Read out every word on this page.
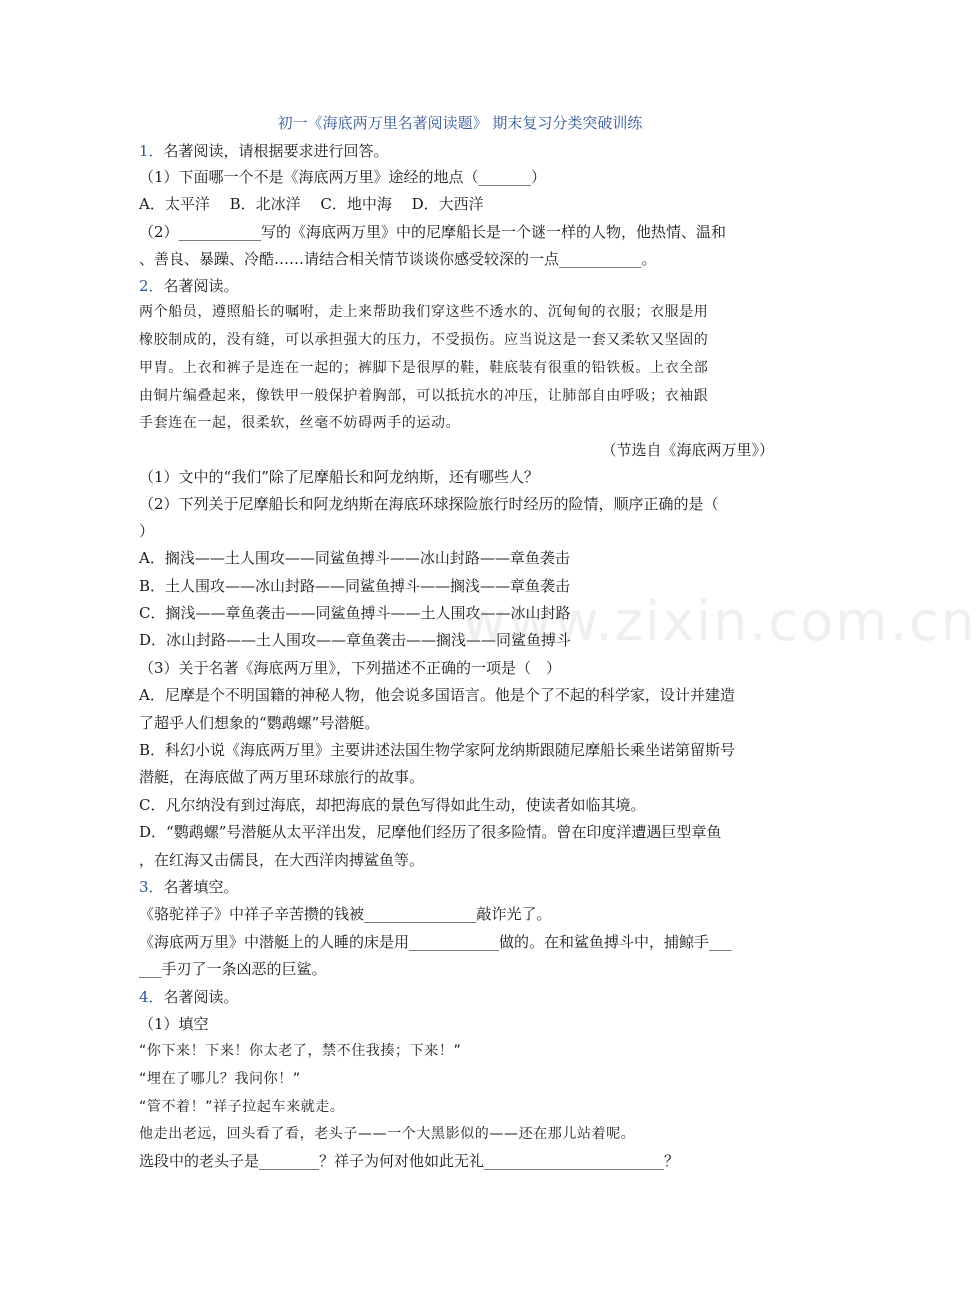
www.zixin.com.cn
初一《海底两万里名著阅读题》 期末复习分类突破训练
1．名著阅读，请根据要求进行回答。
（1）下面哪一个不是《海底两万里》途经的地点（_______）
A．太平洋　 B．北冰洋　 C．地中海　 D．大西洋
（2）___________写的《海底两万里》中的尼摩船长是一个谜一样的人物，他热情、温和
、善良、暴躁、冷酷……请结合相关情节谈谈你感受较深的一点___________。
2．名著阅读。
两个船员，遵照船长的嘱咐，走上来帮助我们穿这些不透水的、沉甸甸的衣服；衣服是用
橡胶制成的，没有缝，可以承担强大的压力，不受损伤。应当说这是一套又柔软又坚固的
甲胄。上衣和裤子是连在一起的；裤脚下是很厚的鞋，鞋底装有很重的铅铁板。上衣全部
由铜片编叠起来，像铁甲一般保护着胸部，可以抵抗水的冲压，让肺部自由呼吸；衣袖跟
手套连在一起，很柔软，丝毫不妨碍两手的运动。
（节选自《海底两万里》）
（1）文中的“我们”除了尼摩船长和阿龙纳斯，还有哪些人？
（2）下列关于尼摩船长和阿龙纳斯在海底环球探险旅行时经历的险情，顺序正确的是（
）
A．搁浅——土人围攻——同鲨鱼搏斗——冰山封路——章鱼袭击
B．土人围攻——冰山封路——同鲨鱼搏斗——搁浅——章鱼袭击
C．搁浅——章鱼袭击——同鲨鱼搏斗——土人围攻——冰山封路
D．冰山封路——土人围攻——章鱼袭击——搁浅——同鲨鱼搏斗
（3）关于名著《海底两万里》，下列描述不正确的一项是（　）
A．尼摩是个不明国籍的神秘人物，他会说多国语言。他是个了不起的科学家，设计并建造
了超乎人们想象的“鹦鹉螺”号潜艇。
B．科幻小说《海底两万里》主要讲述法国生物学家阿龙纳斯跟随尼摩船长乘坐诺第留斯号
潜艇，在海底做了两万里环球旅行的故事。
C．凡尔纳没有到过海底，却把海底的景色写得如此生动，使读者如临其境。
D．“鹦鹉螺”号潜艇从太平洋出发，尼摩他们经历了很多险情。曾在印度洋遭遇巨型章鱼
，在红海又击儒艮，在大西洋肉搏鲨鱼等。
3．名著填空。
《骆驼祥子》中祥子辛苦攒的钱被_______________敲诈光了。
《海底两万里》中潜艇上的人睡的床是用____________做的。在和鲨鱼搏斗中，捕鲸手___
___手刃了一条凶恶的巨鲨。
4．名著阅读。
（1）填空
“你下来！下来！你太老了，禁不住我揍；下来！”
“埋在了哪儿？我问你！”
“管不着！”祥子拉起车来就走。
他走出老远，回头看了看，老头子——一个大黑影似的——还在那儿站着呢。
选段中的老头子是________？祥子为何对他如此无礼________________________？
